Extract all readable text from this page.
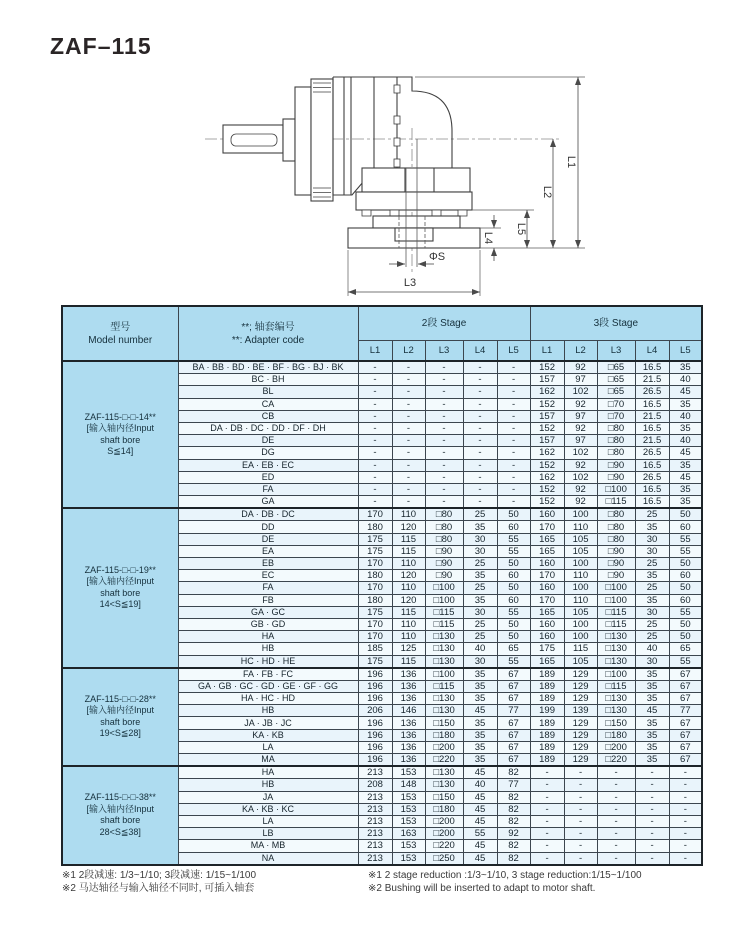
ZAF–115
L1
L2
L5
L4
ΦS
L3
型号
Model number

**; 轴套编号
**: Adapter code
	2段 Stage	3段 Stage
		L1	L2	L3	L4	L5	L1	L2	L3	L4	L5

ZAF-115-□-□-14**
[输入轴内径Input
shaft bore
S≦14]	BA · BB · BD · BE · BF · BG · BJ · BK	-	-	-	-	-	152	92	□65	16.5	35
	BC · BH	-	-	-	-	-	157	97	□65	21.5	40
	BL	-	-	-	-	-	162	102	□65	26.5	45
	CA	-	-	-	-	-	152	92	□70	16.5	35
	CB	-	-	-	-	-	157	97	□70	21.5	40
	DA · DB · DC · DD · DF · DH	-	-	-	-	-	152	92	□80	16.5	35
	DE	-	-	-	-	-	157	97	□80	21.5	40
	DG	-	-	-	-	-	162	102	□80	26.5	45
	EA · EB · EC	-	-	-	-	-	152	92	□90	16.5	35
	ED	-	-	-	-	-	162	102	□90	26.5	45
	FA	-	-	-	-	-	152	92	□100	16.5	35
	GA	-	-	-	-	-	152	92	□115	16.5	35

ZAF-115-□-□-19**
[输入轴内径Input
shaft bore
14<S≦19]	DA · DB · DC	170	110	□80	25	50	160	100	□80	25	50
	DD	180	120	□80	35	60	170	110	□80	35	60
	DE	175	115	□80	30	55	165	105	□80	30	55
	EA	175	115	□90	30	55	165	105	□90	30	55
	EB	170	110	□90	25	50	160	100	□90	25	50
	EC	180	120	□90	35	60	170	110	□90	35	60
	FA	170	110	□100	25	50	160	100	□100	25	50
	FB	180	120	□100	35	60	170	110	□100	35	60
	GA · GC	175	115	□115	30	55	165	105	□115	30	55
	GB · GD	170	110	□115	25	50	160	100	□115	25	50
	HA	170	110	□130	25	50	160	100	□130	25	50
	HB	185	125	□130	40	65	175	115	□130	40	65
	HC · HD · HE	175	115	□130	30	55	165	105	□130	30	55

ZAF-115-□-□-28**
[输入轴内径Input
shaft bore
19<S≦28]	FA · FB · FC	196	136	□100	35	67	189	129	□100	35	67
	GA · GB · GC · GD · GE · GF · GG	196	136	□115	35	67	189	129	□115	35	67
	HA · HC · HD	196	136	□130	35	67	189	129	□130	35	67
	HB	206	146	□130	45	77	199	139	□130	45	77
	JA · JB · JC	196	136	□150	35	67	189	129	□150	35	67
	KA · KB	196	136	□180	35	67	189	129	□180	35	67
	LA	196	136	□200	35	67	189	129	□200	35	67
	MA	196	136	□220	35	67	189	129	□220	35	67

ZAF-115-□-□-38**
[输入轴内径Input
shaft bore
28<S≦38]	HA	213	153	□130	45	82	-	-	-	-	-
	HB	208	148	□130	40	77	-	-	-	-	-
	JA	213	153	□150	45	82	-	-	-	-	-
	KA · KB · KC	213	153	□180	45	82	-	-	-	-	-
	LA	213	153	□200	45	82	-	-	-	-	-
	LB	213	163	□200	55	92	-	-	-	-	-
	MA · MB	213	153	□220	45	82	-	-	-	-	-
	NA	213	153	□250	45	82	-	-	-	-	-
※1 2段减速: 1/3~1/10; 3段减速: 1/15~1/100
※2 马达轴径与输入轴径不同时, 可插入轴套
※1 2 stage reduction :1/3~1/10, 3 stage reduction:1/15~1/100
※2 Bushing will be inserted to adapt to motor shaft.
